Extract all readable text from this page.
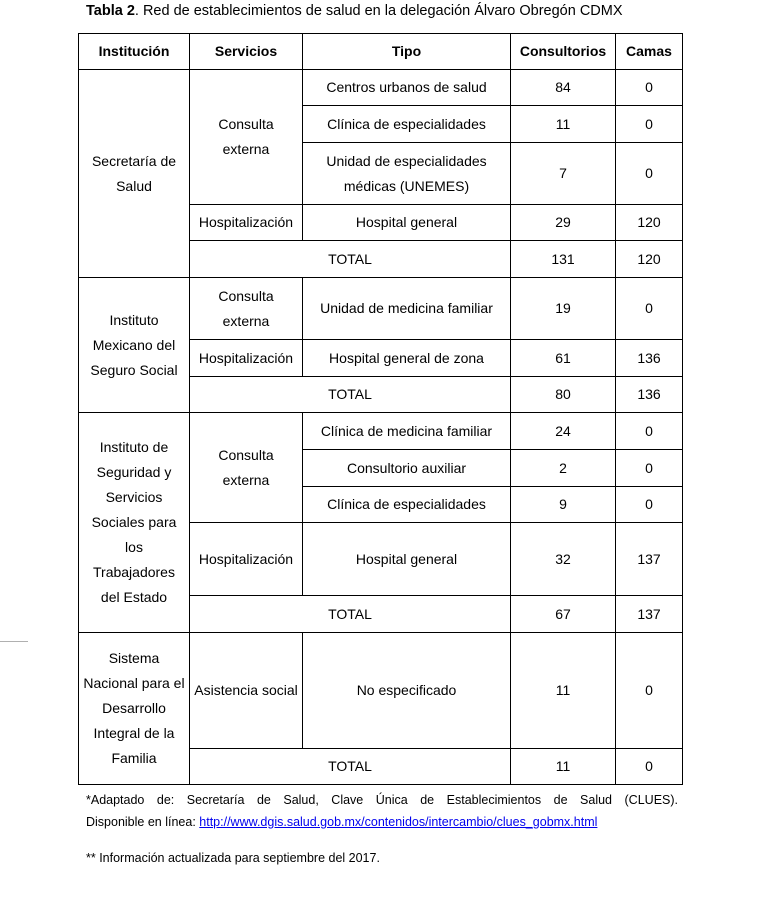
Tabla 2. Red de establecimientos de salud en la delegación Álvaro Obregón CDMX
Institución	Servicios	Tipo	Consultorios	Camas
Secretaría de Salud	Consulta externa	Centros urbanos de salud	84	0
		Clínica de especialidades	11	0
		Unidad de especialidades médicas (UNEMES)	7	0
	Hospitalización	Hospital general	29	120
	TOTAL		131	120
Instituto Mexicano del Seguro Social	Consulta externa	Unidad de medicina familiar	19	0
	Hospitalización	Hospital general de zona	61	136
	TOTAL		80	136
Instituto de Seguridad y Servicios Sociales para los Trabajadores del Estado	Consulta externa	Clínica de medicina familiar	24	0
		Consultorio auxiliar	2	0
		Clínica de especialidades	9	0
	Hospitalización	Hospital general	32	137
	TOTAL		67	137
Sistema Nacional para el Desarrollo Integral de la Familia	Asistencia social	No especificado	11	0
	TOTAL		11	0

*Adaptado de: Secretaría de Salud, Clave Única de Establecimientos de Salud (CLUES).

Disponible en línea: http://www.dgis.salud.gob.mx/contenidos/intercambio/clues_gobmx.html

** Información actualizada para septiembre del 2017.
